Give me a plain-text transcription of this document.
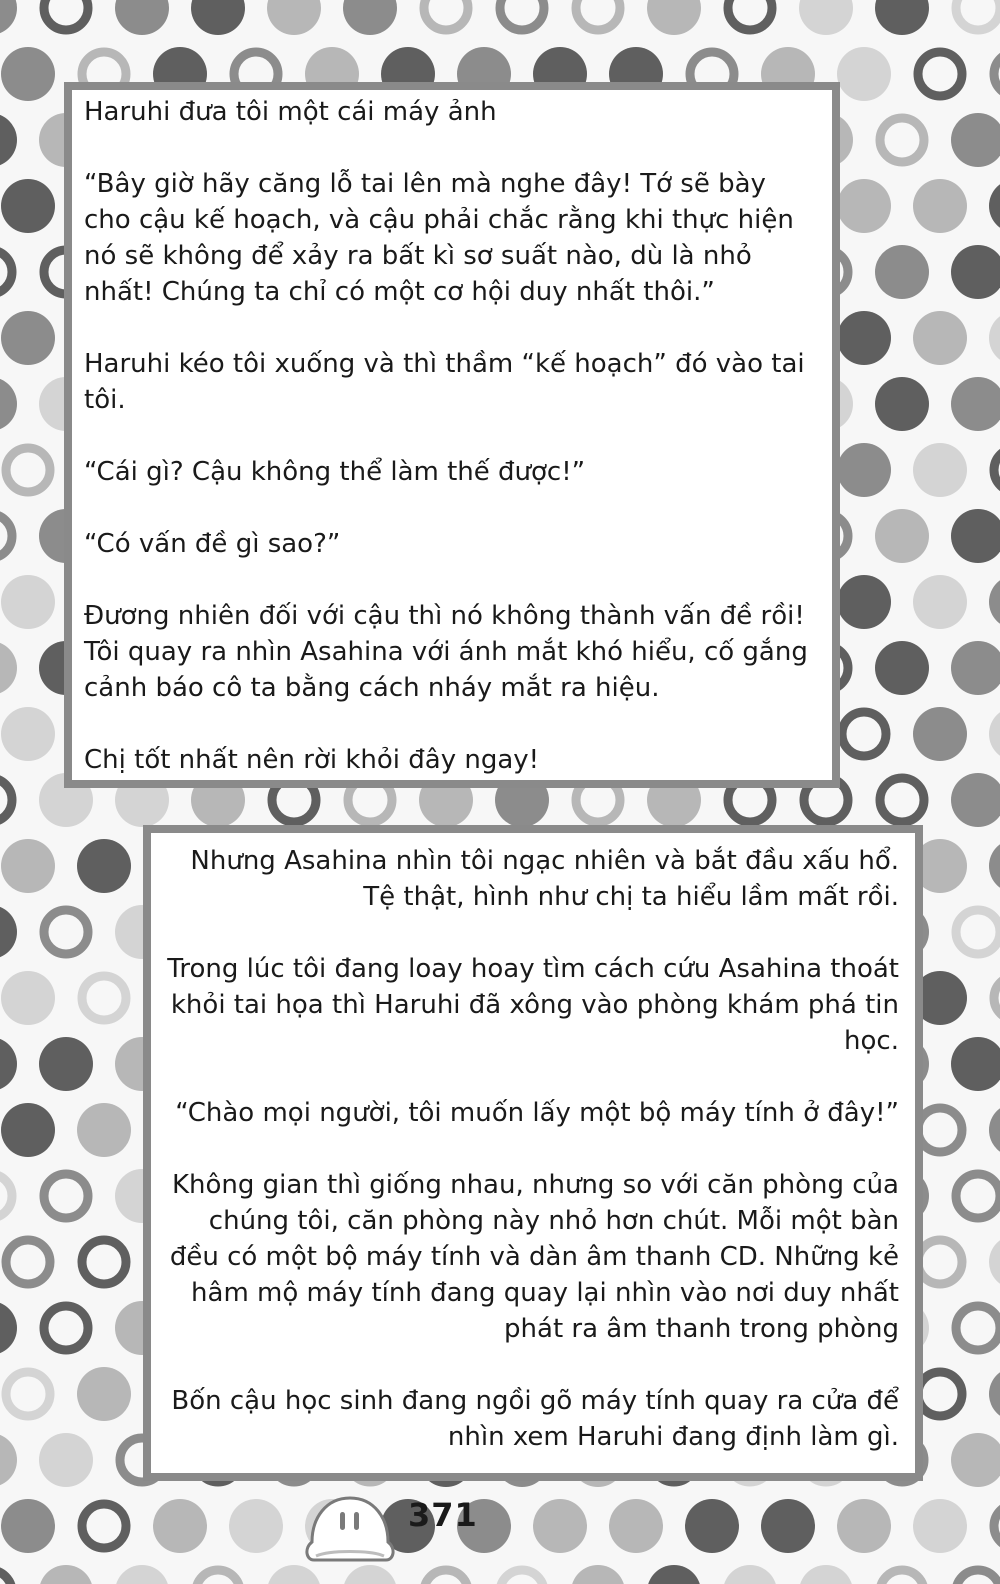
Haruhi đưa tôi một cái máy ảnh

“Bây giờ hãy căng lỗ tai lên mà nghe đây! Tớ sẽ bày cho cậu kế hoạch, và cậu phải chắc rằng khi thực hiện nó sẽ không để xảy ra bất kì sơ suất nào, dù là nhỏ nhất! Chúng ta chỉ có một cơ hội duy nhất thôi.”

Haruhi kéo tôi xuống và thì thầm “kế hoạch” đó vào tai tôi.

“Cái gì? Cậu không thể làm thế được!”

“Có vấn đề gì sao?”

Đương nhiên đối với cậu thì nó không thành vấn đề rồi! Tôi quay ra nhìn Asahina với ánh mắt khó hiểu, cố gắng cảnh báo cô ta bằng cách nháy mắt ra hiệu.

Chị tốt nhất nên rời khỏi đây ngay!

Nhưng Asahina nhìn tôi ngạc nhiên và bắt đầu xấu hổ. Tệ thật, hình như chị ta hiểu lầm mất rồi.

Trong lúc tôi đang loay hoay tìm cách cứu Asahina thoát khỏi tai họa thì Haruhi đã xông vào phòng khám phá tin học.

“Chào mọi người, tôi muốn lấy một bộ máy tính ở đây!”

Không gian thì giống nhau, nhưng so với căn phòng của chúng tôi, căn phòng này nhỏ hơn chút. Mỗi một bàn đều có một bộ máy tính và dàn âm thanh CD. Những kẻ hâm mộ máy tính đang quay lại nhìn vào nơi duy nhất phát ra âm thanh trong phòng

Bốn cậu học sinh đang ngồi gõ máy tính quay ra cửa để nhìn xem Haruhi đang định làm gì.

371
